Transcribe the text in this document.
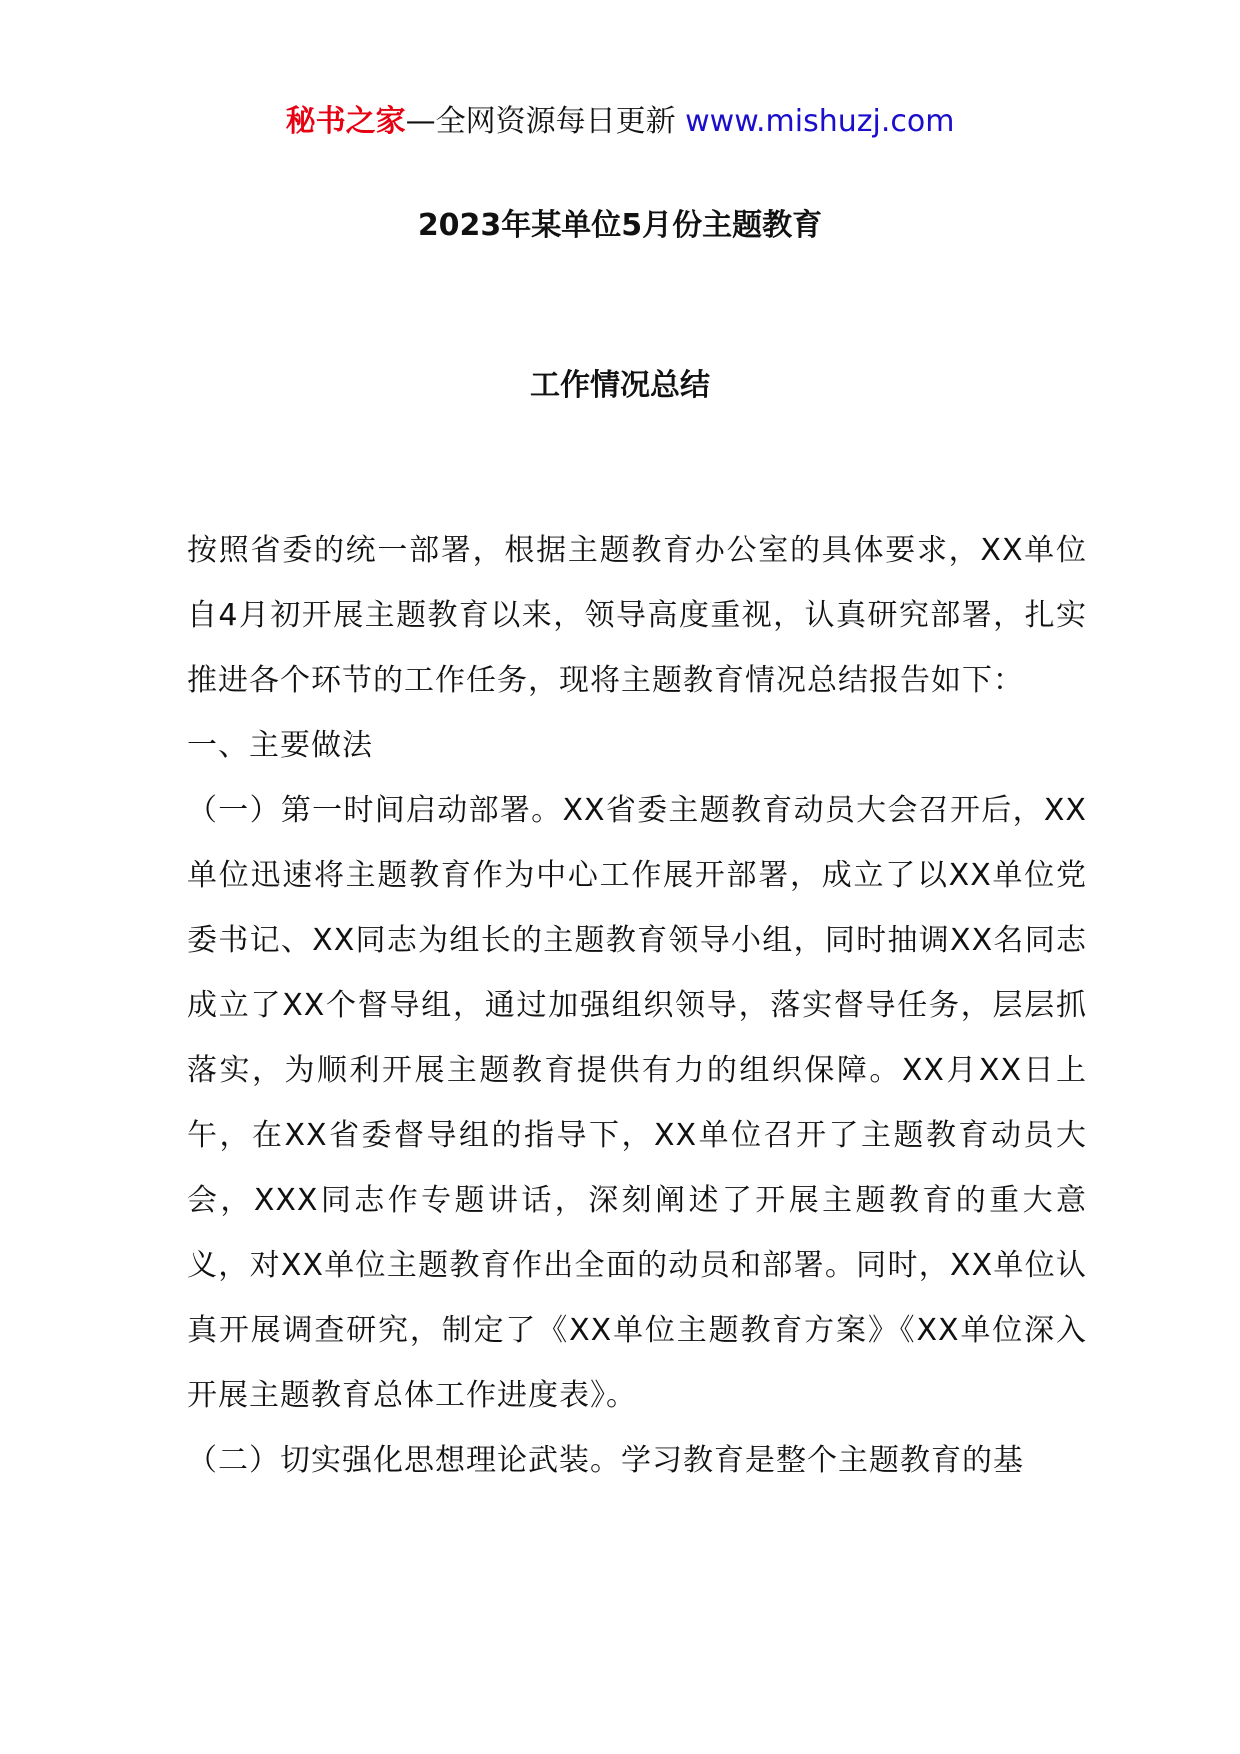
秘书之家—全网资源每日更新 www.mishuzj.com
2023年某单位5月份主题教育
工作情况总结

按照省委的统一部署，根据主题教育办公室的具体要求，XX单位自4月初开展主题教育以来，领导高度重视，认真研究部署，扎实推进各个环节的工作任务，现将主题教育情况总结报告如下：

一、主要做法

（一）第一时间启动部署。XX省委主题教育动员大会召开后，XX单位迅速将主题教育作为中心工作展开部署，成立了以XX单位党委书记、XX同志为组长的主题教育领导小组，同时抽调XX名同志成立了XX个督导组，通过加强组织领导，落实督导任务，层层抓落实，为顺利开展主题教育提供有力的组织保障。XX月XX日上午，在XX省委督导组的指导下，XX单位召开了主题教育动员大会，XXX同志作专题讲话，深刻阐述了开展主题教育的重大意义，对XX单位主题教育作出全面的动员和部署。同时，XX单位认真开展调查研究，制定了《XX单位主题教育方案》《XX单位深入开展主题教育总体工作进度表》。

（二）切实强化思想理论武装。学习教育是整个主题教育的基
